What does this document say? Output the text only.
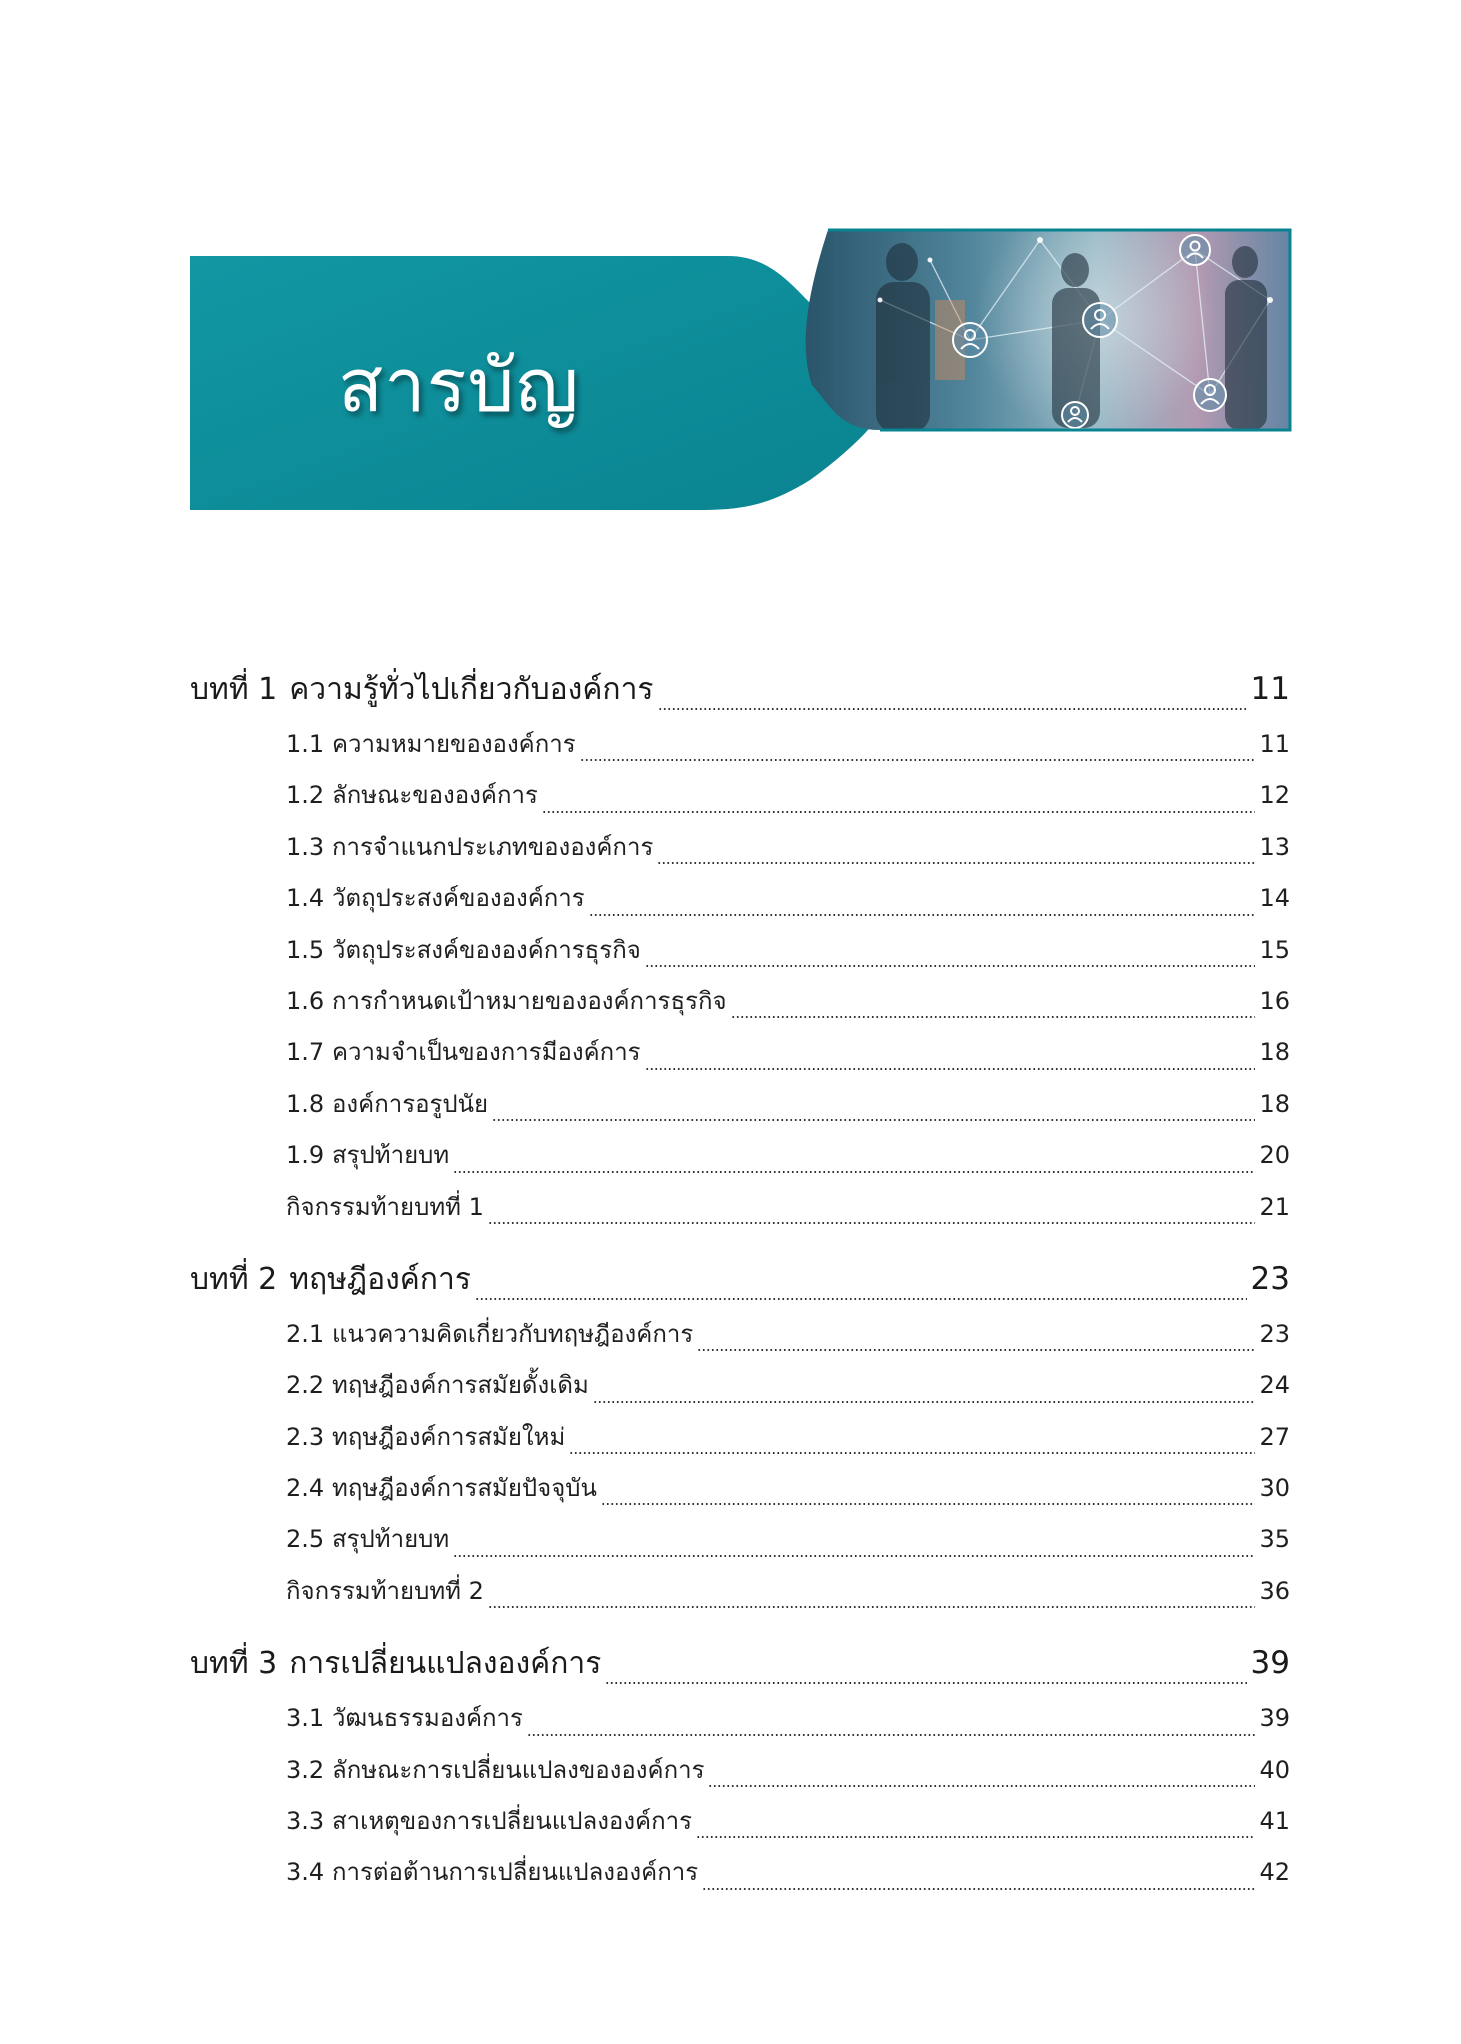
สารบัญ
บทที่ 1 ความรู้ทั่วไปเกี่ยวกับองค์การ	11
1.1 ความหมายขององค์การ	11
1.2 ลักษณะขององค์การ	12
1.3 การจำแนกประเภทขององค์การ	13
1.4 วัตถุประสงค์ขององค์การ	14
1.5 วัตถุประสงค์ขององค์การธุรกิจ	15
1.6 การกำหนดเป้าหมายขององค์การธุรกิจ	16
1.7 ความจำเป็นของการมีองค์การ	18
1.8 องค์การอรูปนัย	18
1.9 สรุปท้ายบท	20
กิจกรรมท้ายบทที่ 1	21
บทที่ 2 ทฤษฎีองค์การ	23
2.1 แนวความคิดเกี่ยวกับทฤษฎีองค์การ	23
2.2 ทฤษฎีองค์การสมัยดั้งเดิม	24
2.3 ทฤษฎีองค์การสมัยใหม่	27
2.4 ทฤษฎีองค์การสมัยปัจจุบัน	30
2.5 สรุปท้ายบท	35
กิจกรรมท้ายบทที่ 2	36
บทที่ 3 การเปลี่ยนแปลงองค์การ	39
3.1 วัฒนธรรมองค์การ	39
3.2 ลักษณะการเปลี่ยนแปลงขององค์การ	40
3.3 สาเหตุของการเปลี่ยนแปลงองค์การ	41
3.4 การต่อต้านการเปลี่ยนแปลงองค์การ	42
